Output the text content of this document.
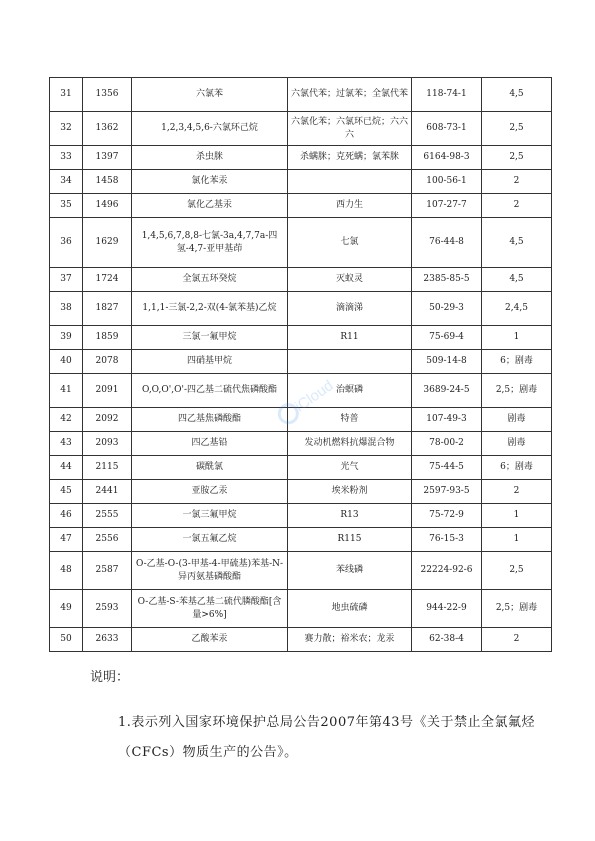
31	1356	六氯苯	六氯代苯；过氯苯；全氯代苯	118-74-1	4,5
32	1362	1,2,3,4,5,6-六氯环己烷	六氯化苯；六氯环已烷；六六六	608-73-1	2,5
33	1397	杀虫脒	杀螨脒；克死螨；氯苯脒	6164-98-3	2,5
34	1458	氯化苯汞		100-56-1	2
35	1496	氯化乙基汞	西力生	107-27-7	2
36	1629	1,4,5,6,7,8,8-七氯-3a,4,7,7a-四氢-4,7-亚甲基茚	七氯	76-44-8	4,5
37	1724	全氯五环癸烷	灭蚁灵	2385-85-5	4,5
38	1827	1,1,1-三氯-2,2-双(4-氯苯基)乙烷	滴滴涕	50-29-3	2,4,5
39	1859	三氯一氟甲烷	R11	75-69-4	1
40	2078	四硝基甲烷		509-14-8	6；剧毒
41	2091	O,O,O',O'-四乙基二硫代焦磷酸酯	治螟磷	3689-24-5	2,5；剧毒
42	2092	四乙基焦磷酸酯	特普	107-49-3	剧毒
43	2093	四乙基铅	发动机燃料抗爆混合物	78-00-2	剧毒
44	2115	碳酰氯	光气	75-44-5	6；剧毒
45	2441	亚胺乙汞	埃米粉剂	2597-93-5	2
46	2555	一氯三氟甲烷	R13	75-72-9	1
47	2556	一氯五氟乙烷	R115	76-15-3	1
48	2587	O-乙基-O-(3-甲基-4-甲硫基)苯基-N-异丙氨基磷酸酯	苯线磷	22224-92-6	2,5
49	2593	O-乙基-S-苯基乙基二硫代膦酸酯[含量>6%]	地虫硫磷	944-22-9	2,5；剧毒
50	2633	乙酸苯汞	赛力散；裕米农；龙汞	62-38-4	2
iCloud
说明：
1.表示列入国家环境保护总局公告2007年第43号《关于禁止全氯氟烃（CFCs）物质生产的公告》。
